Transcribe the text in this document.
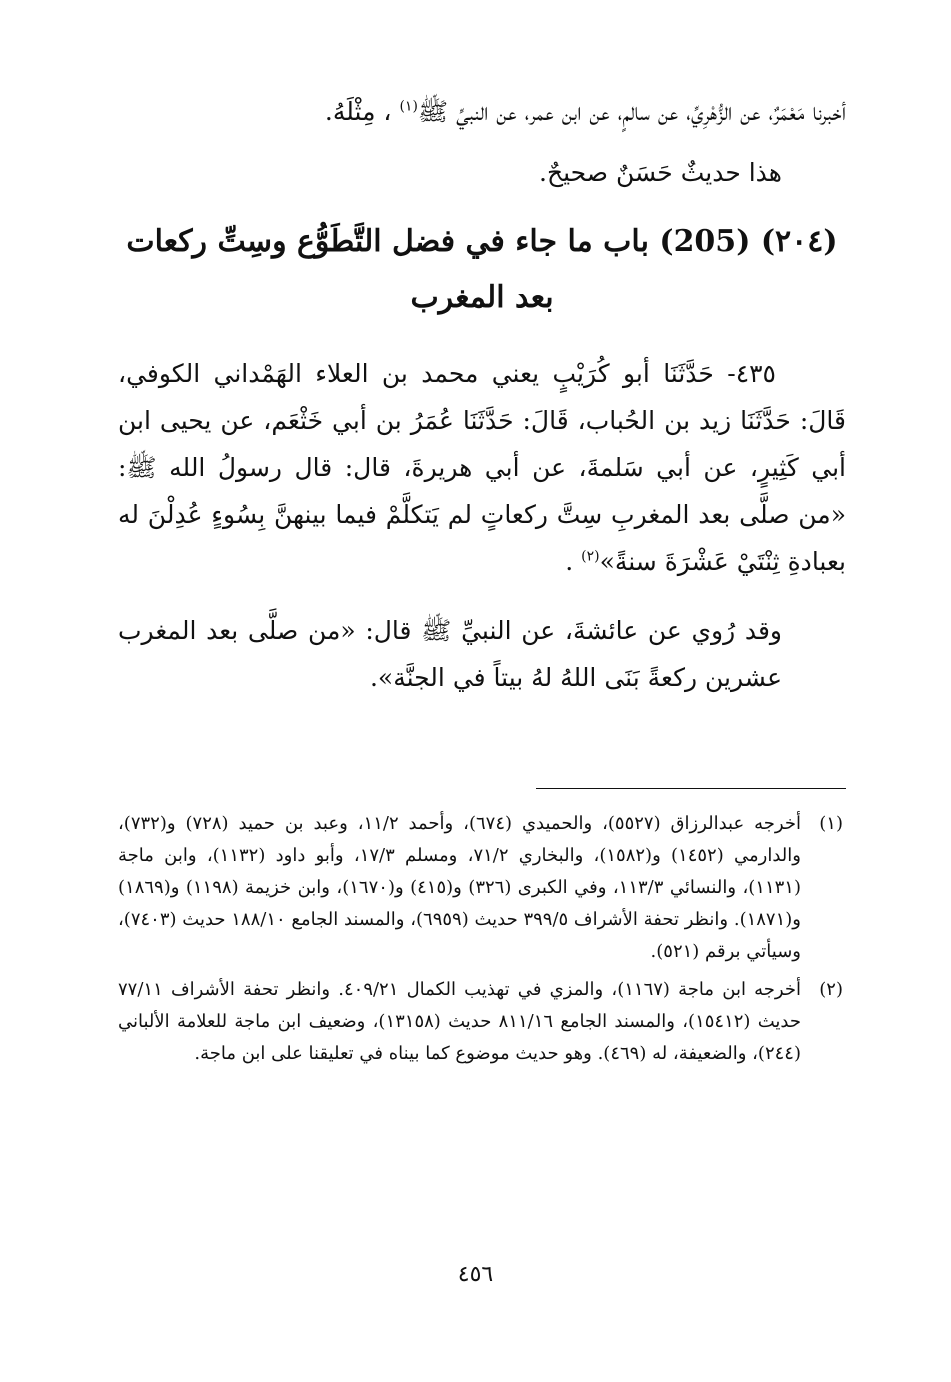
أخبرنا مَعْمَرٌ، عن الزُّهْرِيِّ، عن سالمٍ، عن ابن عمر، عن النبيِّ ﷺ$^{(١)}$ ، مِثْلَهُ.

هذا حديثٌ حَسَنٌ صحيحٌ.

(٢٠٤) (205) باب ما جاء في فضل التَّطَوُّع وسِتِّ ركعات بعد المغرب

٤٣٥- حَدَّثَنَا أبو كُرَيْبٍ يعني محمد بن العلاء الهَمْداني الكوفي، قَالَ: حَدَّثَنَا زيد بن الحُباب، قَالَ: حَدَّثَنَا عُمَرُ بن أبي خَثْعَم، عن يحيى ابن أبي كَثِيرٍ، عن أبي سَلمةَ، عن أبي هريرةَ، قال: قال رسولُ الله ﷺ: «من صلَّى بعد المغربِ سِتَّ ركعاتٍ لم يَتكلَّمْ فيما بينهنَّ بِسُوءٍ عُدِلْنَ له بعبادةِ ثِنْتَيْ عَشْرَةَ سنةً»$^{(٢)}$ .

وقد رُوي عن عائشةَ، عن النبيِّ ﷺ قال: «من صلَّى بعد المغرب عشرين ركعةً بَنَى اللهُ لهُ بيتاً في الجنَّة».

(١)
أخرجه عبدالرزاق (٥٥٢٧)، والحميدي (٦٧٤)، وأحمد ١١/٢، وعبد بن حميد (٧٢٨) و(٧٣٢)، والدارمي (١٤٥٢) و(١٥٨٢)، والبخاري ٧١/٢، ومسلم ١٧/٣، وأبو داود (١١٣٢)، وابن ماجة (١١٣١)، والنسائي ١١٣/٣، وفي الكبرى (٣٢٦) و(٤١٥) و(١٦٧٠)، وابن خزيمة (١١٩٨) و(١٨٦٩) و(١٨٧١). وانظر تحفة الأشراف ٣٩٩/٥ حديث (٦٩٥٩)، والمسند الجامع ١٨٨/١٠ حديث (٧٤٠٣)، وسيأتي برقم (٥٢١).
(٢)
أخرجه ابن ماجة (١١٦٧)، والمزي في تهذيب الكمال ٤٠٩/٢١. وانظر تحفة الأشراف ٧٧/١١ حديث (١٥٤١٢)، والمسند الجامع ٨١١/١٦ حديث (١٣١٥٨)، وضعيف ابن ماجة للعلامة الألباني (٢٤٤)، والضعيفة، له (٤٦٩). وهو حديث موضوع كما بيناه في تعليقنا على ابن ماجة.
٤٥٦
